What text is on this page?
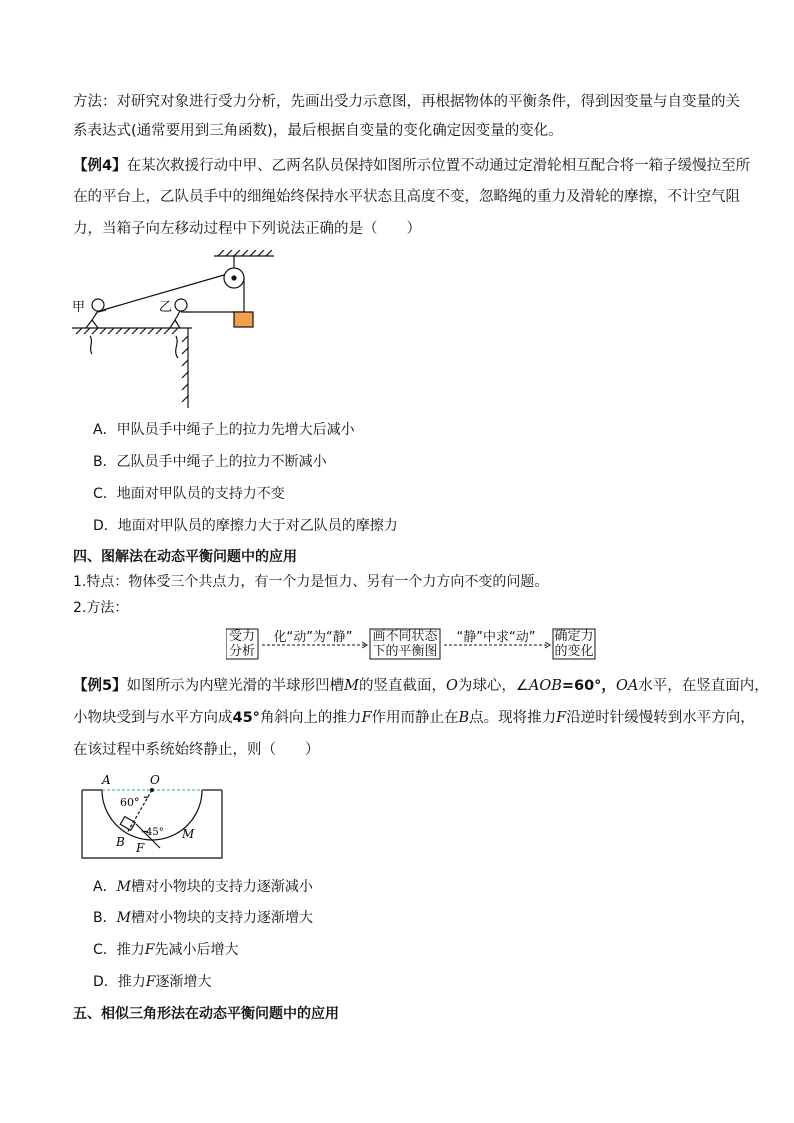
方法：对研究对象进行受力分析，先画出受力示意图，再根据物体的平衡条件，得到因变量与自变量的关
系表达式(通常要用到三角函数)，最后根据自变量的变化确定因变量的变化。
【例4】在某次救援行动中甲、乙两名队员保持如图所示位置不动通过定滑轮相互配合将一箱子缓慢拉至所
在的平台上，乙队员手中的细绳始终保持水平状态且高度不变，忽略绳的重力及滑轮的摩擦，不计空气阻
力，当箱子向左移动过程中下列说法正确的是（　　）
甲	乙
A．甲队员手中绳子上的拉力先增大后减小
B．乙队员手中绳子上的拉力不断减小
C．地面对甲队员的支持力不变
D．地面对甲队员的摩擦力大于对乙队员的摩擦力
四、图解法在动态平衡问题中的应用
1.特点：物体受三个共点力，有一个力是恒力、另有一个力方向不变的问题。
2.方法：
受力
分析
化“动”为“静”	画不同状态
下的平衡图
“静”中求“动”	确定力
的变化
【例5】如图所示为内壁光滑的半球形凹槽M的竖直截面，O为球心，∠AOB=60°，OA水平，在竖直面内，
小物块受到与水平方向成45°角斜向上的推力F作用而静止在B点。现将推力F沿逆时针缓慢转到水平方向，
在该过程中系统始终静止，则（　　）
A	O
60°
45°
B F
M
A．M槽对小物块的支持力逐渐减小
B．M槽对小物块的支持力逐渐增大
C．推力F先减小后增大
D．推力F逐渐增大
五、相似三角形法在动态平衡问题中的应用
